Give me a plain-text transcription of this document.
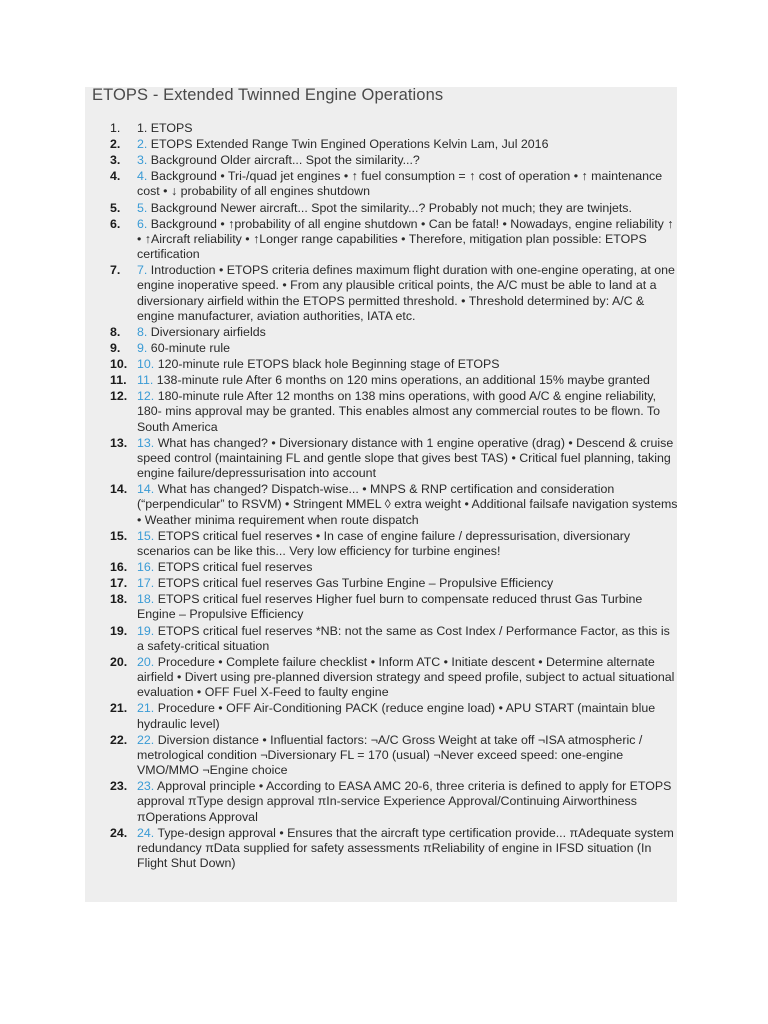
ETOPS - Extended Twinned Engine Operations
1.	1. ETOPS
2.	2. ETOPS Extended Range Twin Engined Operations Kelvin Lam, Jul 2016
3.	3. Background Older aircraft... Spot the similarity...?
4.	4. Background • Tri-/quad jet engines • ↑ fuel consumption = ↑ cost of operation • ↑ maintenance cost • ↓ probability of all engines shutdown
5.	5. Background Newer aircraft... Spot the similarity...? Probably not much; they are twinjets.
6.	6. Background • ↑probability of all engine shutdown • Can be fatal! • Nowadays, engine reliability ↑ • ↑Aircraft reliability • ↑Longer range capabilities • Therefore, mitigation plan possible: ETOPS certification
7.	7. Introduction • ETOPS criteria defines maximum flight duration with one-engine operating, at one engine inoperative speed. • From any plausible critical points, the A/C must be able to land at a diversionary airfield within the ETOPS permitted threshold. • Threshold determined by: A/C & engine manufacturer, aviation authorities, IATA etc.
8.	8. Diversionary airfields
9.	9. 60-minute rule
10. 10. 120-minute rule ETOPS black hole Beginning stage of ETOPS
11. 11. 138-minute rule After 6 months on 120 mins operations, an additional 15% maybe granted
12. 12. 180-minute rule After 12 months on 138 mins operations, with good A/C & engine reliability, 180- mins approval may be granted. This enables almost any commercial routes to be flown. To South America
13. 13. What has changed? • Diversionary distance with 1 engine operative (drag) • Descend & cruise speed control (maintaining FL and gentle slope that gives best TAS) • Critical fuel planning, taking engine failure/depressurisation into account
14. 14. What has changed? Dispatch-wise... • MNPS & RNP certification and consideration (“perpendicular” to RSVM) • Stringent MMEL ◊ extra weight • Additional failsafe navigation systems • Weather minima requirement when route dispatch
15. 15. ETOPS critical fuel reserves • In case of engine failure / depressurisation, diversionary scenarios can be like this... Very low efficiency for turbine engines!
16. 16. ETOPS critical fuel reserves
17. 17. ETOPS critical fuel reserves Gas Turbine Engine – Propulsive Efficiency
18. 18. ETOPS critical fuel reserves Higher fuel burn to compensate reduced thrust Gas Turbine Engine – Propulsive Efficiency
19. 19. ETOPS critical fuel reserves *NB: not the same as Cost Index / Performance Factor, as this is a safety-critical situation
20. 20. Procedure • Complete failure checklist • Inform ATC • Initiate descent • Determine alternate airfield • Divert using pre-planned diversion strategy and speed profile, subject to actual situational evaluation • OFF Fuel X-Feed to faulty engine
21. 21. Procedure • OFF Air-Conditioning PACK (reduce engine load) • APU START (maintain blue hydraulic level)
22. 22. Diversion distance • Influential factors: ¬A/C Gross Weight at take off ¬ISA atmospheric / metrological condition ¬Diversionary FL = 170 (usual) ¬Never exceed speed: one-engine VMO/MMO ¬Engine choice
23. 23. Approval principle • According to EASA AMC 20-6, three criteria is defined to apply for ETOPS approval πType design approval πIn-service Experience Approval/Continuing Airworthiness πOperations Approval
24. 24. Type-design approval • Ensures that the aircraft type certification provide... πAdequate system redundancy πData supplied for safety assessments πReliability of engine in IFSD situation (In Flight Shut Down)
